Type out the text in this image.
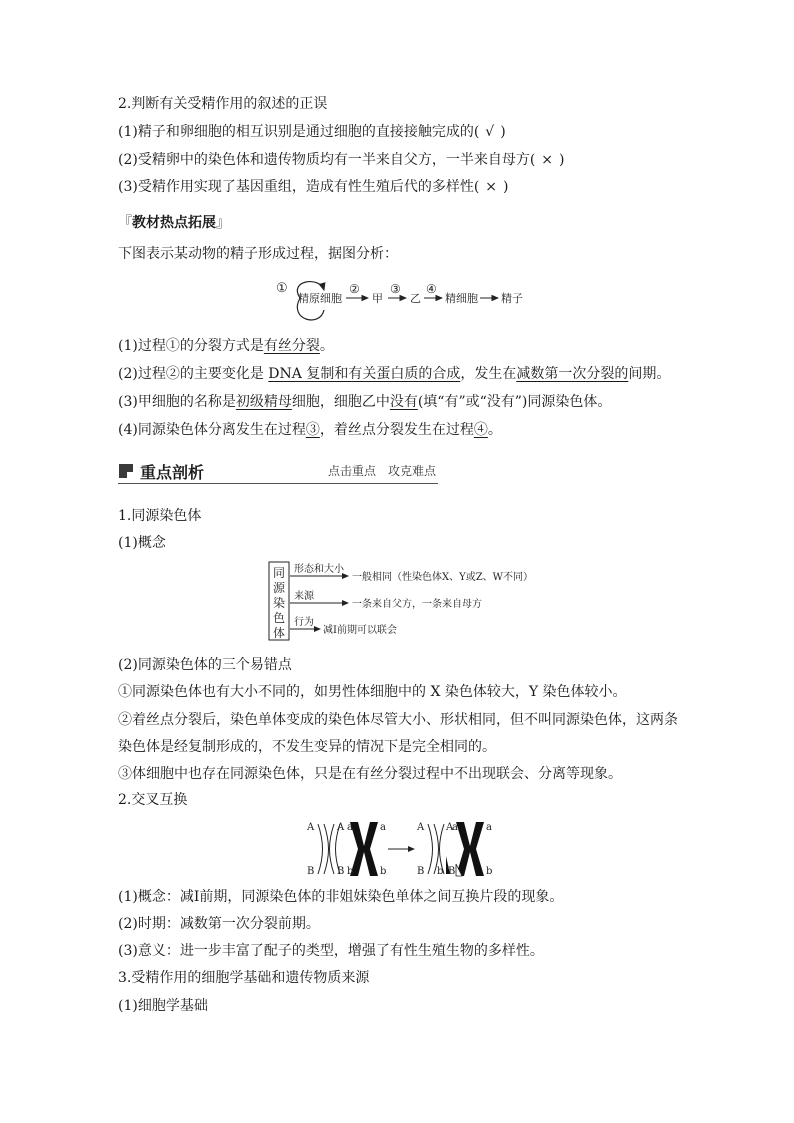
2.判断有关受精作用的叙述的正误
(1)精子和卵细胞的相互识别是通过细胞的直接接触完成的( √ )
(2)受精卵中的染色体和遗传物质均有一半来自父方，一半来自母方( × )
(3)受精作用实现了基因重组，造成有性生殖后代的多样性( × )
『教材热点拓展』
下图表示某动物的精子形成过程，据图分析：
①
精原细胞
②
甲
③
乙
④
精细胞 精子
(1)过程①的分裂方式是有丝分裂。
(2)过程②的主要变化是 DNA 复制和有关蛋白质的合成，发生在减数第一次分裂的间期。
(3)甲细胞的名称是初级精母细胞，细胞乙中没有(填“有”或“没有”)同源染色体。
(4)同源染色体分离发生在过程③，着丝点分裂发生在过程④。
重点剖析	点击重点　攻克难点
1.同源染色体
(1)概念
同
源
染
色
体
形态和大小
一般相同（性染色体X、Y或Z、W不同）
来源
一条来自父方，一条来自母方
行为
减Ⅰ前期可以联会
(2)同源染色体的三个易错点
①同源染色体也有大小不同的，如男性体细胞中的 X 染色体较大，Y 染色体较小。
②着丝点分裂后，染色单体变成的染色体尽管大小、形状相同，但不叫同源染色体，这两条
染色体是经复制形成的，不发生变异的情况下是完全相同的。
③体细胞中也存在同源染色体，只是在有丝分裂过程中不出现联会、分离等现象。
2.交叉互换
A A
B B
a	a
b	b
A A
B b
a	a
B	b
(1)概念：减Ⅰ前期，同源染色体的非姐妹染色单体之间互换片段的现象。
(2)时期：减数第一次分裂前期。
(3)意义：进一步丰富了配子的类型，增强了有性生殖生物的多样性。
3.受精作用的细胞学基础和遗传物质来源
(1)细胞学基础
